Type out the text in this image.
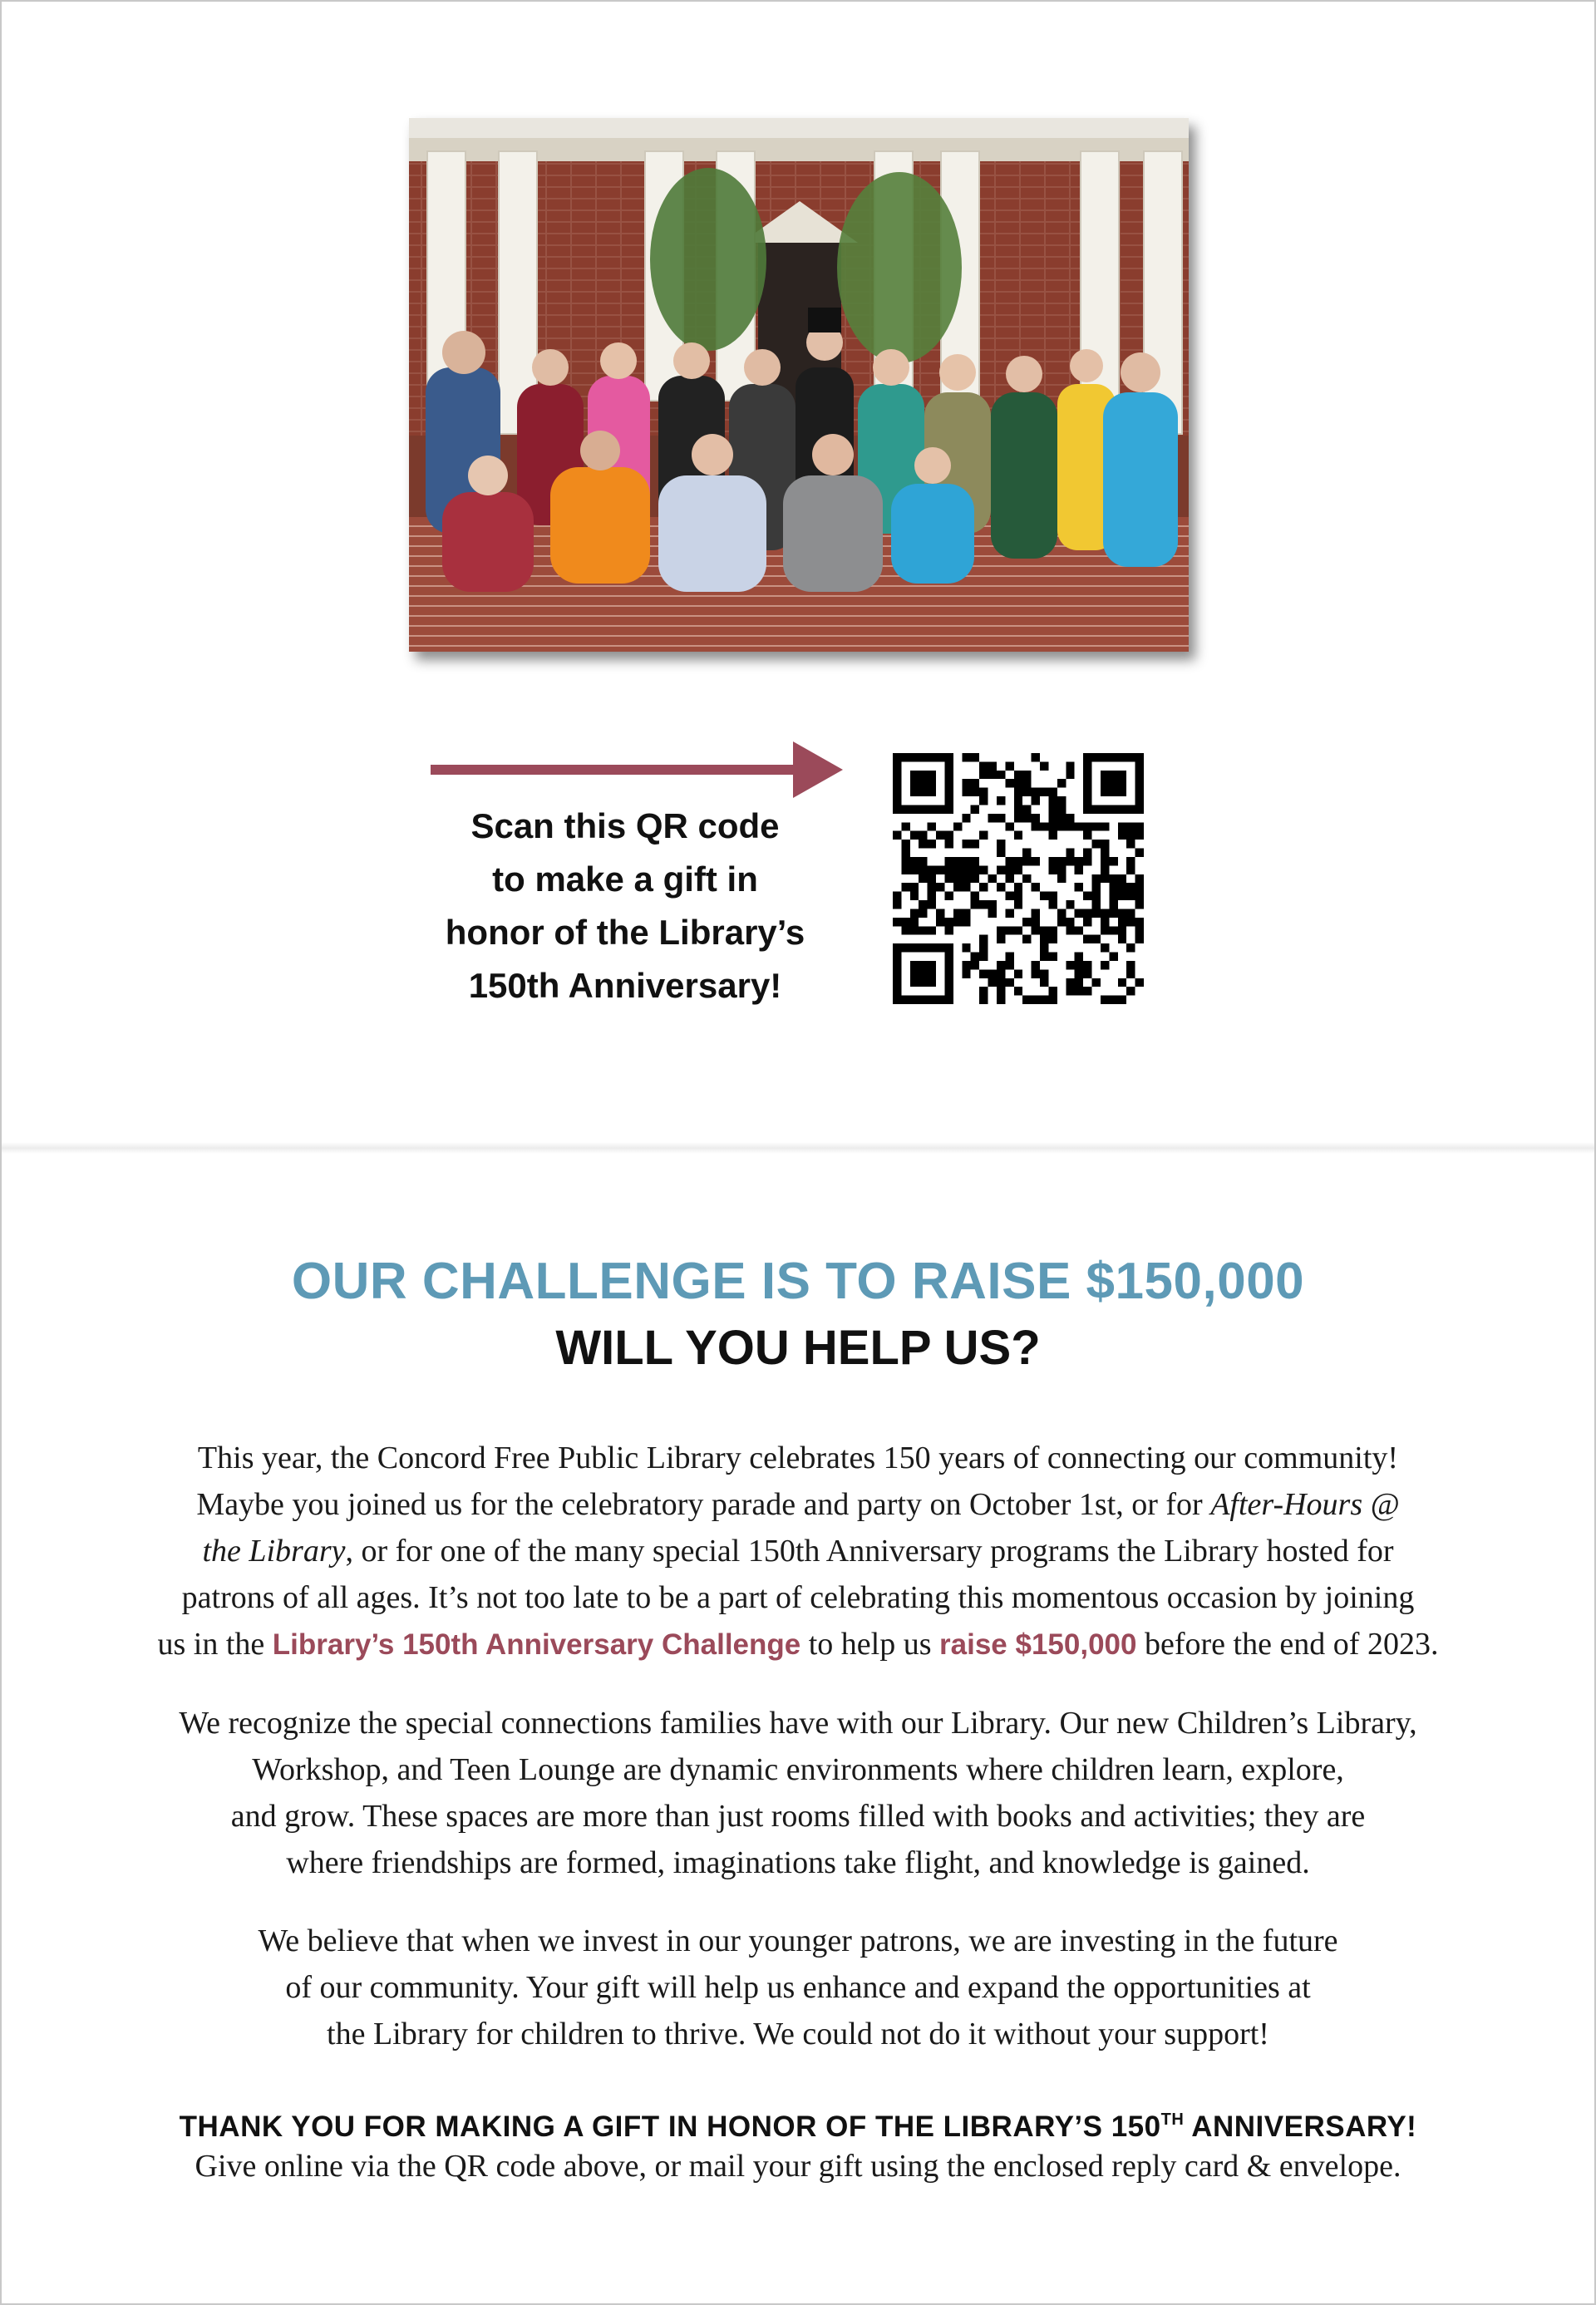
Scan this QR code
to make a gift in
honor of the Library’s
150th Anniversary!
OUR CHALLENGE IS TO RAISE $150,000
WILL YOU HELP US?

This year, the Concord Free Public Library celebrates 150 years of connecting our community!
Maybe you joined us for the celebratory parade and party on October 1st, or for After-Hours @
the Library, or for one of the many special 150th Anniversary programs the Library hosted for
patrons of all ages. It’s not too late to be a part of celebrating this momentous occasion by joining
us in the Library’s 150th Anniversary Challenge to help us raise $150,000 before the end of 2023.

We recognize the special connections families have with our Library. Our new Children’s Library,
Workshop, and Teen Lounge are dynamic environments where children learn, explore,
and grow. These spaces are more than just rooms filled with books and activities; they are
where friendships are formed, imaginations take flight, and knowledge is gained.

We believe that when we invest in our younger patrons, we are investing in the future
of our community. Your gift will help us enhance and expand the opportunities at
the Library for children to thrive. We could not do it without your support!

THANK YOU FOR MAKING A GIFT IN HONOR OF THE LIBRARY’S 150TH ANNIVERSARY!
Give online via the QR code above, or mail your gift using the enclosed reply card & envelope.
